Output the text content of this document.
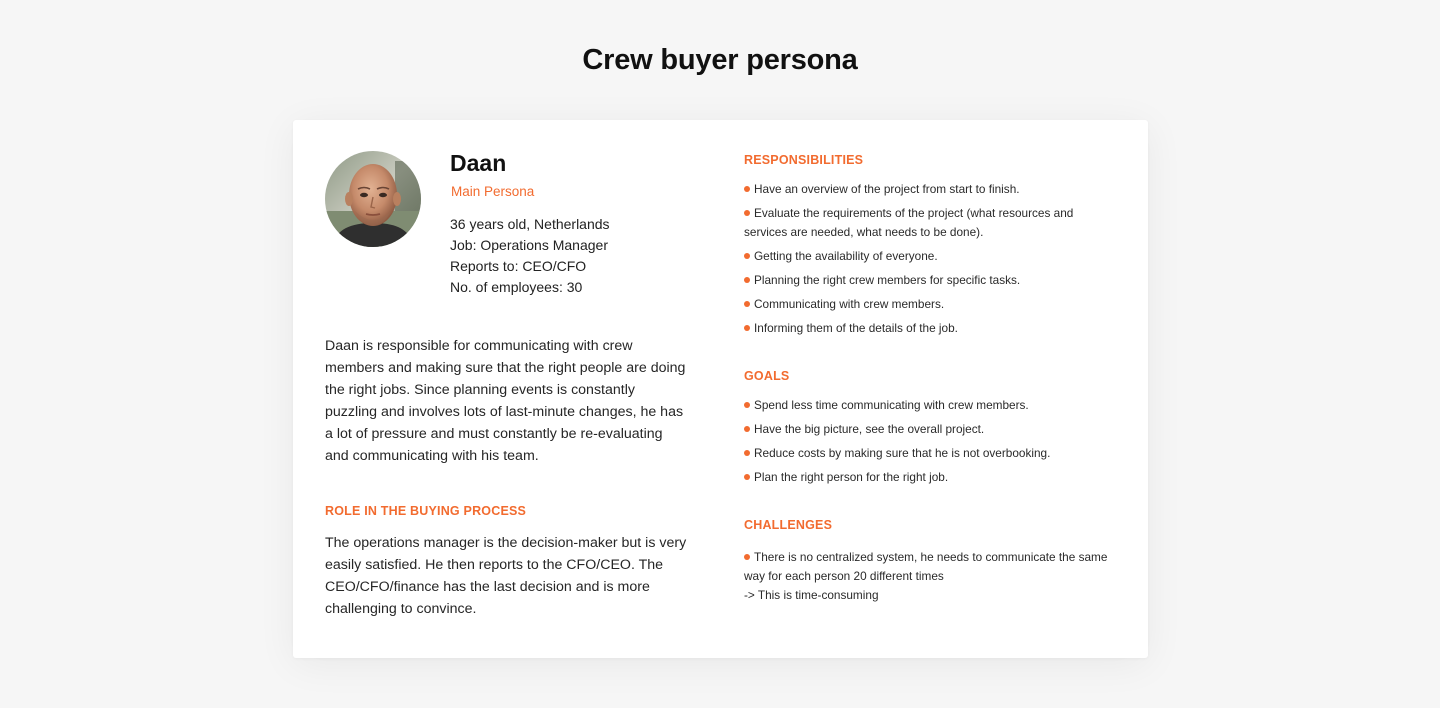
Crew buyer persona
Daan
Main Persona
36 years old, Netherlands
Job: Operations Manager
Reports to: CEO/CFO
No. of employees: 30

Daan is responsible for communicating with crew members and making sure that the right people are doing the right jobs. Since planning events is constantly puzzling and involves lots of last-minute changes, he has a lot of pressure and must constantly be re-evaluating and communicating with his team.

ROLE IN THE BUYING PROCESS

The operations manager is the decision-maker but is very easily satisfied. He then reports to the CFO/CEO. The CEO/CFO/finance has the last decision and is more challenging to convince.

RESPONSIBILITIES
Have an overview of the project from start to finish.
Evaluate the requirements of the project (what resources and services are needed, what needs to be done).
Getting the availability of everyone.
Planning the right crew members for specific tasks.
Communicating with crew members.
Informing them of the details of the job.
GOALS
Spend less time communicating with crew members.
Have the big picture, see the overall project.
Reduce costs by making sure that he is not overbooking.
Plan the right person for the right job.
CHALLENGES
There is no centralized system, he needs to communicate the same way for each person 20 different times
-> This is time-consuming
